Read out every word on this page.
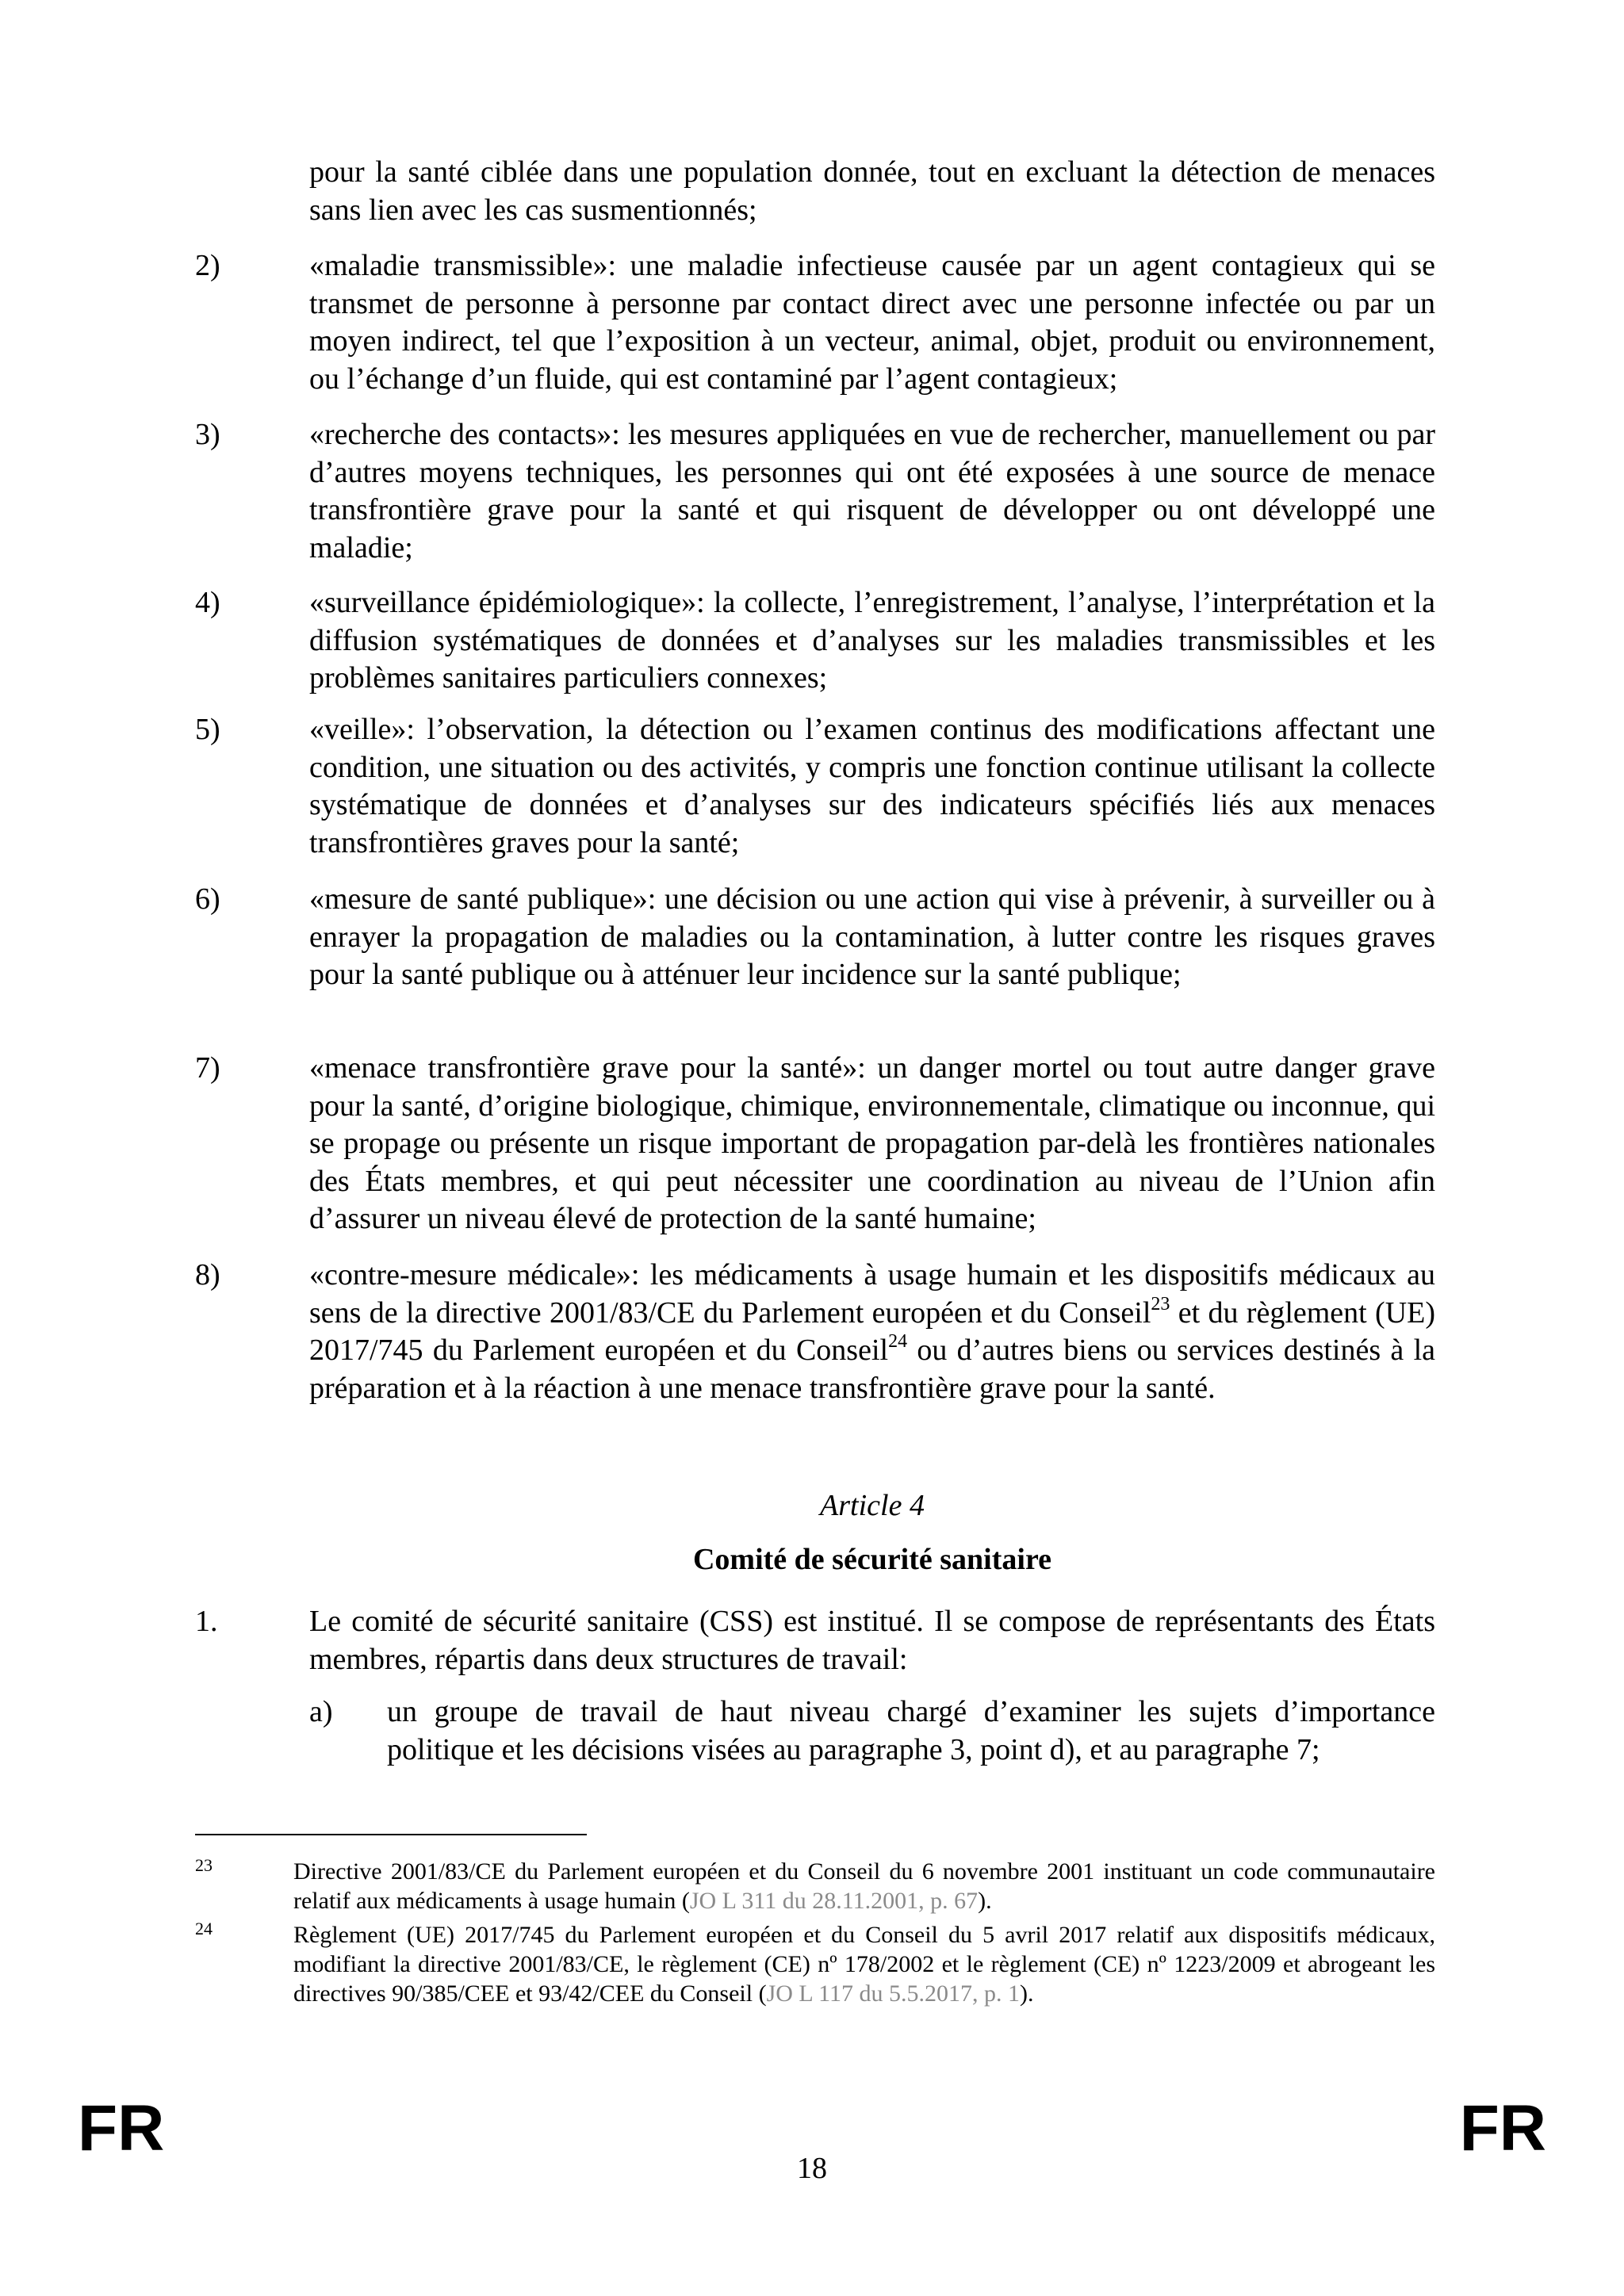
pour la santé ciblée dans une population donnée, tout en excluant la détection de menaces sans lien avec les cas susmentionnés;
2)	«maladie transmissible»: une maladie infectieuse causée par un agent contagieux qui se transmet de personne à personne par contact direct avec une personne infectée ou par un moyen indirect, tel que l’exposition à un vecteur, animal, objet, produit ou environnement, ou l’échange d’un fluide, qui est contaminé par l’agent contagieux;
3)	«recherche des contacts»: les mesures appliquées en vue de rechercher, manuellement ou par d’autres moyens techniques, les personnes qui ont été exposées à une source de menace transfrontière grave pour la santé et qui risquent de développer ou ont développé une maladie;
4)	«surveillance épidémiologique»: la collecte, l’enregistrement, l’analyse, l’interprétation et la diffusion systématiques de données et d’analyses sur les maladies transmissibles et les problèmes sanitaires particuliers connexes;
5)	«veille»: l’observation, la détection ou l’examen continus des modifications affectant une condition, une situation ou des activités, y compris une fonction continue utilisant la collecte systématique de données et d’analyses sur des indicateurs spécifiés liés aux menaces transfrontières graves pour la santé;
6)	«mesure de santé publique»: une décision ou une action qui vise à prévenir, à surveiller ou à enrayer la propagation de maladies ou la contamination, à lutter contre les risques graves pour la santé publique ou à atténuer leur incidence sur la santé publique;
7)	«menace transfrontière grave pour la santé»: un danger mortel ou tout autre danger grave pour la santé, d’origine biologique, chimique, environnementale, climatique ou inconnue, qui se propage ou présente un risque important de propagation par-delà les frontières nationales des États membres, et qui peut nécessiter une coordination au niveau de l’Union afin d’assurer un niveau élevé de protection de la santé humaine;
8)	«contre-mesure médicale»: les médicaments à usage humain et les dispositifs médicaux au sens de la directive 2001/83/CE du Parlement européen et du Conseil$^{23}$ et du règlement (UE) 2017/745 du Parlement européen et du Conseil$^{24}$ ou d’autres biens ou services destinés à la préparation et à la réaction à une menace transfrontière grave pour la santé.
Article 4
Comité de sécurité sanitaire
1.	Le comité de sécurité sanitaire (CSS) est institué. Il se compose de représentants des États membres, répartis dans deux structures de travail:
a) un groupe de travail de haut niveau chargé d’examiner les sujets d’importance politique et les décisions visées au paragraphe 3, point d), et au paragraphe 7;
23	Directive 2001/83/CE du Parlement européen et du Conseil du 6 novembre 2001 instituant un code communautaire relatif aux médicaments à usage humain (JO L 311 du 28.11.2001, p. 67).
24	Règlement (UE) 2017/745 du Parlement européen et du Conseil du 5 avril 2017 relatif aux dispositifs médicaux, modifiant la directive 2001/83/CE, le règlement (CE) nº 178/2002 et le règlement (CE) nº 1223/2009 et abrogeant les directives 90/385/CEE et 93/42/CEE du Conseil (JO L 117 du 5.5.2017, p. 1).
FR
18
FR
